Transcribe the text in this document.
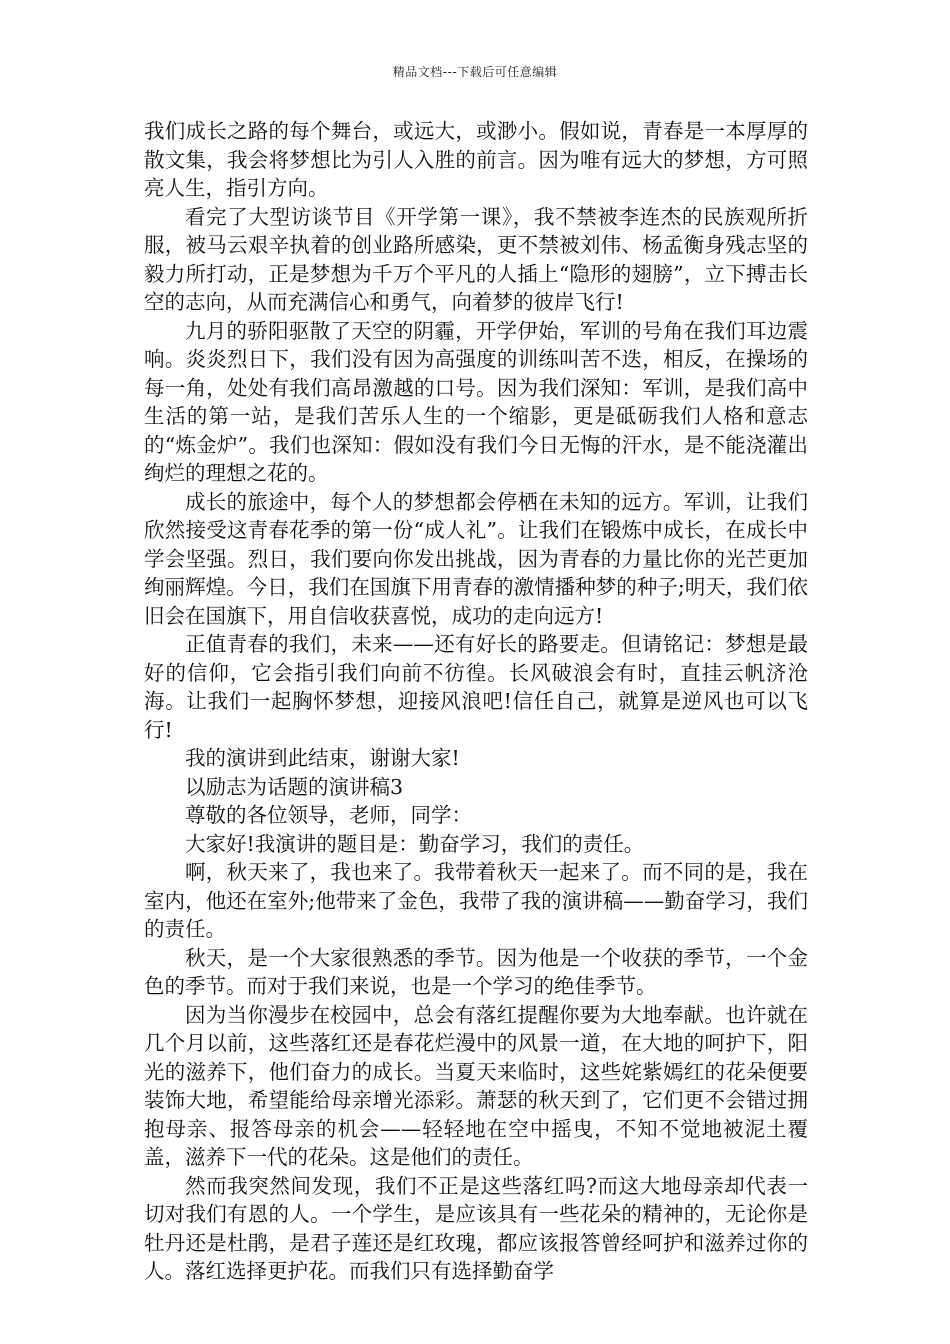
精品文档---下载后可任意编辑

我们成长之路的每个舞台，或远大，或渺小。假如说，青春是一本厚厚的散文集，我会将梦想比为引人入胜的前言。因为唯有远大的梦想，方可照亮人生，指引方向。

看完了大型访谈节目《开学第一课》，我不禁被李连杰的民族观所折服，被马云艰辛执着的创业路所感染，更不禁被刘伟、杨孟衡身残志坚的毅力所打动，正是梦想为千万个平凡的人插上“隐形的翅膀”，立下搏击长空的志向，从而充满信心和勇气，向着梦的彼岸飞行!

九月的骄阳驱散了天空的阴霾，开学伊始，军训的号角在我们耳边震响。炎炎烈日下，我们没有因为高强度的训练叫苦不迭，相反，在操场的每一角，处处有我们高昂激越的口号。因为我们深知：军训，是我们高中生活的第一站，是我们苦乐人生的一个缩影，更是砥砺我们人格和意志的“炼金炉”。我们也深知：假如没有我们今日无悔的汗水，是不能浇灌出绚烂的理想之花的。

成长的旅途中，每个人的梦想都会停栖在未知的远方。军训，让我们欣然接受这青春花季的第一份“成人礼”。让我们在锻炼中成长，在成长中学会坚强。烈日，我们要向你发出挑战，因为青春的力量比你的光芒更加绚丽辉煌。今日，我们在国旗下用青春的激情播种梦的种子;明天，我们依旧会在国旗下，用自信收获喜悦，成功的走向远方!

正值青春的我们，未来——还有好长的路要走。但请铭记：梦想是最好的信仰，它会指引我们向前不彷徨。长风破浪会有时，直挂云帆济沧海。让我们一起胸怀梦想，迎接风浪吧!信任自己，就算是逆风也可以飞行!

我的演讲到此结束，谢谢大家!

以励志为话题的演讲稿3

尊敬的各位领导，老师，同学：

大家好!我演讲的题目是：勤奋学习，我们的责任。

啊，秋天来了，我也来了。我带着秋天一起来了。而不同的是，我在室内，他还在室外;他带来了金色，我带了我的演讲稿——勤奋学习，我们的责任。

秋天，是一个大家很熟悉的季节。因为他是一个收获的季节，一个金色的季节。而对于我们来说，也是一个学习的绝佳季节。

因为当你漫步在校园中，总会有落红提醒你要为大地奉献。也许就在几个月以前，这些落红还是春花烂漫中的风景一道，在大地的呵护下，阳光的滋养下，他们奋力的成长。当夏天来临时，这些姹紫嫣红的花朵便要装饰大地，希望能给母亲增光添彩。萧瑟的秋天到了，它们更不会错过拥抱母亲、报答母亲的机会——轻轻地在空中摇曳，不知不觉地被泥土覆盖，滋养下一代的花朵。这是他们的责任。

然而我突然间发现，我们不正是这些落红吗?而这大地母亲却代表一切对我们有恩的人。一个学生，是应该具有一些花朵的精神的，无论你是牡丹还是杜鹃，是君子莲还是红玫瑰，都应该报答曾经呵护和滋养过你的人。落红选择更护花。而我们只有选择勤奋学
